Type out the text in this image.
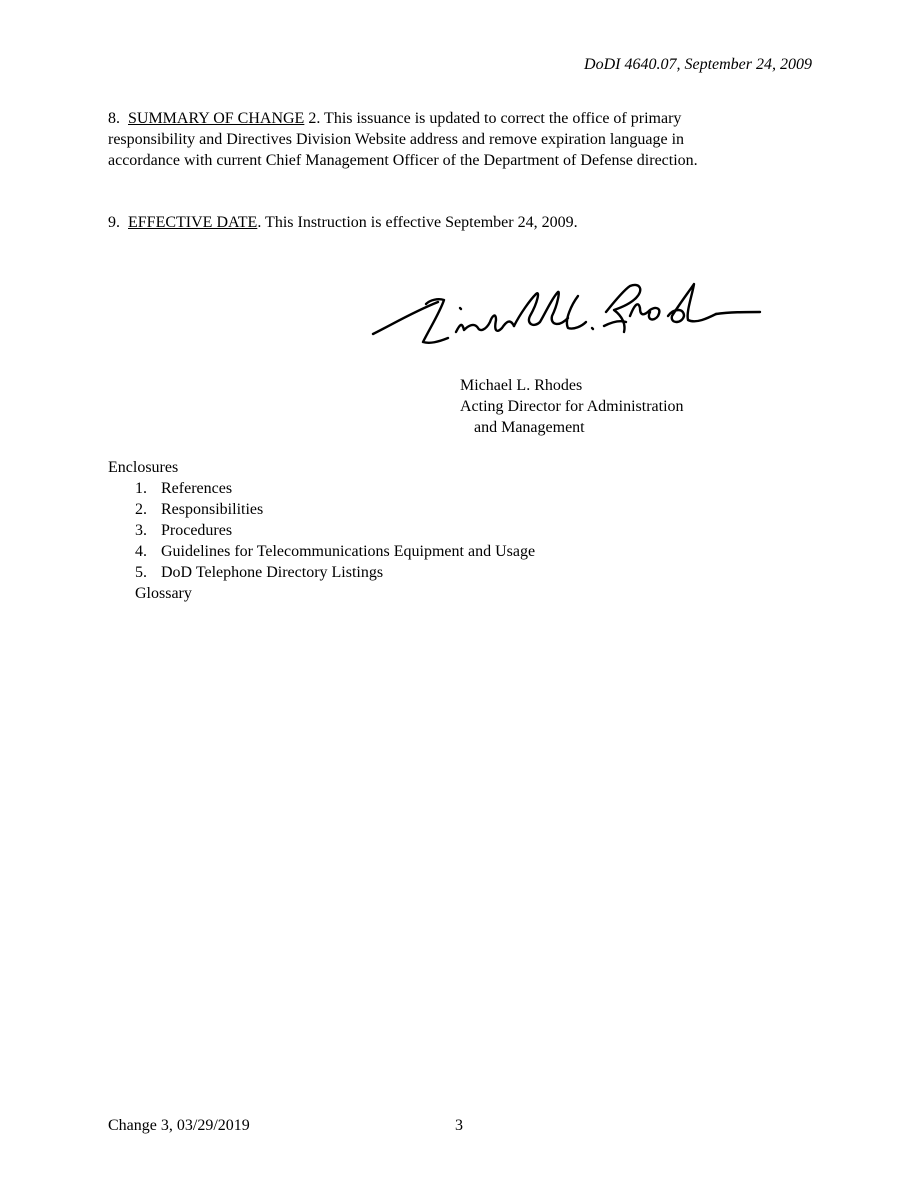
DoDI 4640.07, September 24, 2009
8. SUMMARY OF CHANGE 2. This issuance is updated to correct the office of primary
responsibility and Directives Division Website address and remove expiration language in
accordance with current Chief Management Officer of the Department of Defense direction.
9. EFFECTIVE DATE. This Instruction is effective September 24, 2009.
Michael L. Rhodes
Acting Director for Administration
and Management
Enclosures
1. References
2. Responsibilities
3. Procedures
4. Guidelines for Telecommunications Equipment and Usage
5. DoD Telephone Directory Listings
Glossary
Change 3, 03/29/2019	3
